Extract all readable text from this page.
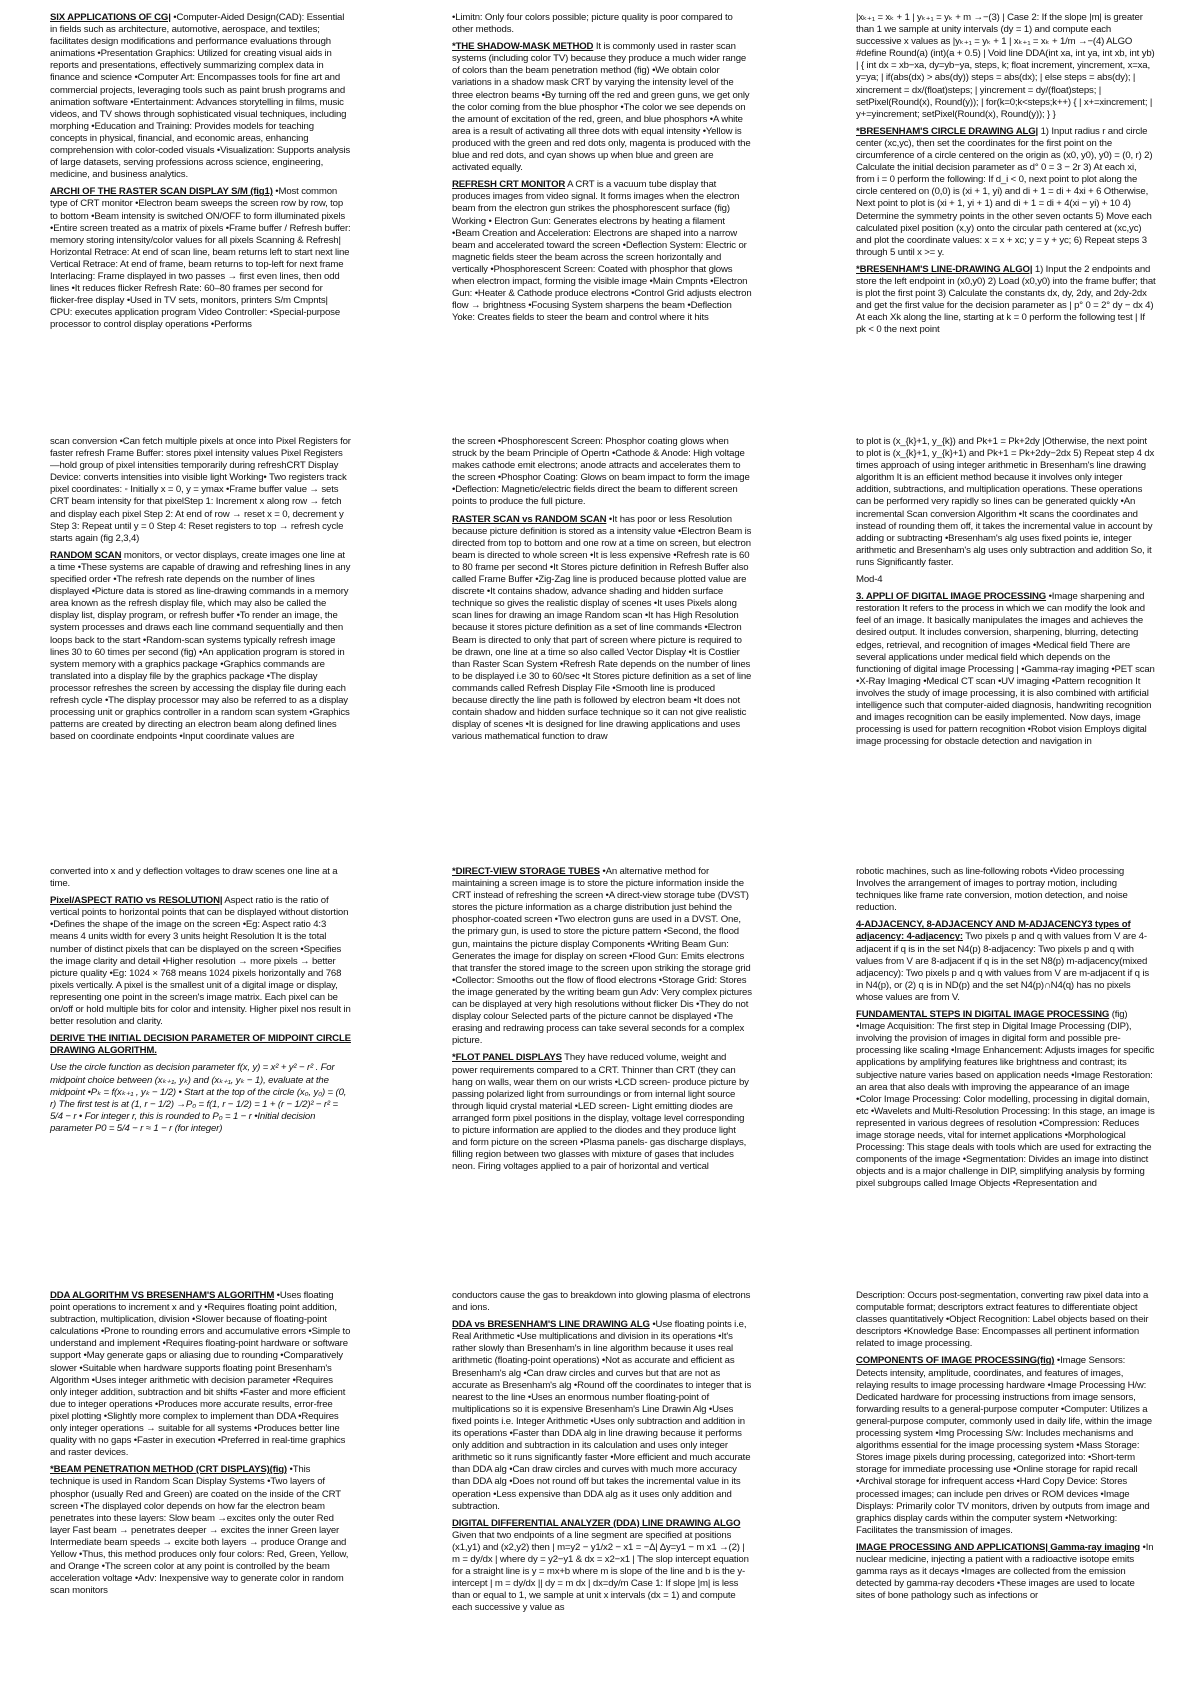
SIX APPLICATIONS OF CG| •Computer-Aided Design(CAD): Essential in fields such as architecture, automotive, aerospace, and textiles; facilitates design modifications and performance evaluations through animations •Presentation Graphics: Utilized for creating visual aids in reports and presentations, effectively summarizing complex data in finance and science •Computer Art: Encompasses tools for fine art and commercial projects, leveraging tools such as paint brush programs and animation software •Entertainment: Advances storytelling in films, music videos, and TV shows through sophisticated visual techniques, including morphing •Education and Training: Provides models for teaching concepts in physical, financial, and economic areas, enhancing comprehension with color-coded visuals •Visualization: Supports analysis of large datasets, serving professions across science, engineering, medicine, and business analytics.

ARCHI OF THE RASTER SCAN DISPLAY S/M (fig1) •Most common type of CRT monitor •Electron beam sweeps the screen row by row, top to bottom •Beam intensity is switched ON/OFF to form illuminated pixels •Entire screen treated as a matrix of pixels •Frame buffer / Refresh buffer: memory storing intensity/color values for all pixels Scanning & Refresh| Horizontal Retrace: At end of scan line, beam returns left to start next line Vertical Retrace: At end of frame, beam returns to top-left for next frame Interlacing: Frame displayed in two passes → first even lines, then odd lines •It reduces flicker Refresh Rate: 60–80 frames per second for flicker-free display •Used in TV sets, monitors, printers S/m Cmpnts| CPU: executes application program Video Controller: •Special-purpose processor to control display operations •Performs

scan conversion •Can fetch multiple pixels at once into Pixel Registers for faster refresh Frame Buffer: stores pixel intensity values Pixel Registers—hold group of pixel intensities temporarily during refreshCRT Display Device: converts intensities into visible light Working• Two registers track pixel coordinates: ◦ Initially x = 0, y = ymax •Frame buffer value → sets CRT beam intensity for that pixelStep 1: Increment x along row → fetch and display each pixel Step 2: At end of row → reset x = 0, decrement y Step 3: Repeat until y = 0 Step 4: Reset registers to top → refresh cycle starts again (fig 2,3,4)

RANDOM SCAN monitors, or vector displays, create images one line at a time •These systems are capable of drawing and refreshing lines in any specified order •The refresh rate depends on the number of lines displayed •Picture data is stored as line-drawing commands in a memory area known as the refresh display file, which may also be called the display list, display program, or refresh buffer •To render an image, the system processes and draws each line command sequentially and then loops back to the start •Random-scan systems typically refresh image lines 30 to 60 times per second (fig) •An application program is stored in system memory with a graphics package •Graphics commands are translated into a display file by the graphics package •The display processor refreshes the screen by accessing the display file during each refresh cycle •The display processor may also be referred to as a display processing unit or graphics controller in a random scan system •Graphics patterns are created by directing an electron beam along defined lines based on coordinate endpoints •Input coordinate values are

converted into x and y deflection voltages to draw scenes one line at a time.

Pixel/ASPECT RATIO vs RESOLUTION| Aspect ratio is the ratio of vertical points to horizontal points that can be displayed without distortion •Defines the shape of the image on the screen •Eg: Aspect ratio 4:3 means 4 units width for every 3 units height Resolution It is the total number of distinct pixels that can be displayed on the screen •Specifies the image clarity and detail •Higher resolution → more pixels → better picture quality •Eg: 1024 × 768 means 1024 pixels horizontally and 768 pixels vertically. A pixel is the smallest unit of a digital image or display, representing one point in the screen's image matrix. Each pixel can be on/off or hold multiple bits for color and intensity. Higher pixel nos result in better resolution and clarity.

DERIVE THE INITIAL DECISION PARAMETER OF MIDPOINT CIRCLE DRAWING ALGORITHM.

Use the circle function as decision parameter f(x, y) = x² + y² − r² . For midpoint choice between (xₖ₊₁, yₖ) and (xₖ₊₁, yₖ − 1), evaluate at the midpoint •Pₖ = f(xₖ₊₁ , yₖ − 1/2) • Start at the top of the circle (x₀, y₀) = (0, r) The first test is at (1, r − 1/2) →P₀ = f(1, r − 1/2) = 1 + (r − 1/2)² − r² = 5/4 − r • For integer r, this is rounded to P₀ = 1 − r •Initial decision parameter P0 = 5/4 − r ≈ 1 − r (for integer)

DDA ALGORITHM VS BRESENHAM'S ALGORITHM •Uses floating point operations to increment x and y •Requires floating point addition, subtraction, multiplication, division •Slower because of floating-point calculations •Prone to rounding errors and accumulative errors •Simple to understand and implement •Requires floating-point hardware or software support •May generate gaps or aliasing due to rounding •Comparatively slower •Suitable when hardware supports floating point Bresenham's Algorithm •Uses integer arithmetic with decision parameter •Requires only integer addition, subtraction and bit shifts •Faster and more efficient due to integer operations •Produces more accurate results, error-free pixel plotting •Slightly more complex to implement than DDA •Requires only integer operations → suitable for all systems •Produces better line quality with no gaps •Faster in execution •Preferred in real-time graphics and raster devices.

*BEAM PENETRATION METHOD (CRT DISPLAYS)(fig) •This technique is used in Random Scan Display Systems •Two layers of phosphor (usually Red and Green) are coated on the inside of the CRT screen •The displayed color depends on how far the electron beam penetrates into these layers: Slow beam →excites only the outer Red layer Fast beam → penetrates deeper → excites the inner Green layer Intermediate beam speeds → excite both layers → produce Orange and Yellow •Thus, this method produces only four colors: Red, Green, Yellow, and Orange •The screen color at any point is controlled by the beam acceleration voltage •Adv: Inexpensive way to generate color in random scan monitors

•Limitn: Only four colors possible; picture quality is poor compared to other methods.

*THE SHADOW-MASK METHOD It is commonly used in raster scan systems (including color TV) because they produce a much wider range of colors than the beam penetration method (fig) •We obtain color variations in a shadow mask CRT by varying the intensity level of the three electron beams •By turning off the red and green guns, we get only the color coming from the blue phosphor •The color we see depends on the amount of excitation of the red, green, and blue phosphors •A white area is a result of activating all three dots with equal intensity •Yellow is produced with the green and red dots only, magenta is produced with the blue and red dots, and cyan shows up when blue and green are activated equally.

REFRESH CRT MONITOR A CRT is a vacuum tube display that produces images from video signal. It forms images when the electron beam from the electron gun strikes the phosphorescent surface (fig) Working • Electron Gun: Generates electrons by heating a filament •Beam Creation and Acceleration: Electrons are shaped into a narrow beam and accelerated toward the screen •Deflection System: Electric or magnetic fields steer the beam across the screen horizontally and vertically •Phosphorescent Screen: Coated with phosphor that glows when electron impact, forming the visible image •Main Cmpnts •Electron Gun: •Heater & Cathode produce electrons •Control Grid adjusts electron flow → brightness •Focusing System sharpens the beam •Deflection Yoke: Creates fields to steer the beam and control where it hits

the screen •Phosphorescent Screen: Phosphor coating glows when struck by the beam Principle of Opertn •Cathode & Anode: High voltage makes cathode emit electrons; anode attracts and accelerates them to the screen •Phosphor Coating: Glows on beam impact to form the image •Deflection: Magnetic/electric fields direct the beam to different screen points to produce the full picture.

RASTER SCAN vs RANDOM SCAN •It has poor or less Resolution because picture definition is stored as a intensity value •Electron Beam is directed from top to bottom and one row at a time on screen, but electron beam is directed to whole screen •It is less expensive •Refresh rate is 60 to 80 frame per second •It Stores picture definition in Refresh Buffer also called Frame Buffer •Zig-Zag line is produced because plotted value are discrete •It contains shadow, advance shading and hidden surface technique so gives the realistic display of scenes •It uses Pixels along scan lines for drawing an image Random scan •It has High Resolution because it stores picture definition as a set of line commands •Electron Beam is directed to only that part of screen where picture is required to be drawn, one line at a time so also called Vector Display •It is Costlier than Raster Scan System •Refresh Rate depends on the number of lines to be displayed i.e 30 to 60/sec •It Stores picture definition as a set of line commands called Refresh Display File •Smooth line is produced because directly the line path is followed by electron beam •It does not contain shadow and hidden surface technique so it can not give realistic display of scenes •It is designed for line drawing applications and uses various mathematical function to draw

*DIRECT-VIEW STORAGE TUBES •An alternative method for maintaining a screen image is to store the picture information inside the CRT instead of refreshing the screen •A direct-view storage tube (DVST) stores the picture information as a charge distribution just behind the phosphor-coated screen •Two electron guns are used in a DVST. One, the primary gun, is used to store the picture pattern •Second, the flood gun, maintains the picture display Components •Writing Beam Gun: Generates the image for display on screen •Flood Gun: Emits electrons that transfer the stored image to the screen upon striking the storage grid •Collector: Smooths out the flow of flood electrons •Storage Grid: Stores the image generated by the writing beam gun Adv: Very complex pictures can be displayed at very high resolutions without flicker Dis •They do not display colour Selected parts of the picture cannot be displayed •The erasing and redrawing process can take several seconds for a complex picture.

*FLOT PANEL DISPLAYS They have reduced volume, weight and power requirements compared to a CRT. Thinner than CRT (they can hang on walls, wear them on our wrists •LCD screen- produce picture by passing polarized light from surroundings or from internal light source through liquid crystal material •LED screen- Light emitting diodes are arranged form pixel positions in the display, voltage level corresponding to picture information are applied to the diodes and they produce light and form picture on the screen •Plasma panels- gas discharge displays, filling region between two glasses with mixture of gases that includes neon. Firing voltages applied to a pair of horizontal and vertical

conductors cause the gas to breakdown into glowing plasma of electrons and ions.

DDA vs BRESENHAM'S LINE DRAWING ALG •Use floating points i.e, Real Arithmetic •Use multiplications and division in its operations •It's rather slowly than Bresenham's in line algorithm because it uses real arithmetic (floating-point operations) •Not as accurate and efficient as Bresenham's alg •Can draw circles and curves but that are not as accurate as Bresenham's alg •Round off the coordinates to integer that is nearest to the line •Uses an enormous number floating-point of multiplications so it is expensive Bresenham's Line Drawin Alg •Uses fixed points i.e. Integer Arithmetic •Uses only subtraction and addition in its operations •Faster than DDA alg in line drawing because it performs only addition and subtraction in its calculation and uses only integer arithmetic so it runs significantly faster •More efficient and much accurate than DDA alg •Can draw circles and curves with much more accuracy than DDA alg •Does not round off but takes the incremental value in its operation •Less expensive than DDA alg as it uses only addition and subtraction.

DIGITAL DIFFERENTIAL ANALYZER (DDA) LINE DRAWING ALGO Given that two endpoints of a line segment are specified at positions (x1,y1) and (x2,y2) then | m=y2 − y1/x2 − x1 = −Δ| Δy=y1 − m x1 →(2) | m = dy/dx | where dy = y2−y1 & dx = x2−x1 | The slop intercept equation for a straight line is y = mx+b where m is slope of the line and b is the y-intercept | m = dy/dx || dy = m dx | dx=dy/m Case 1: If slope |m| is less than or equal to 1, we sample at unit x intervals (dx = 1) and compute each successive y value as

|xₖ₊₁ = xₖ + 1 | yₖ₊₁ = yₖ + m →−(3) | Case 2: If the slope |m| is greater than 1 we sample at unity intervals (dy = 1) and compute each successive x values as |yₖ₊₁ = yₖ + 1 | xₖ₊₁ = xₖ + 1/m →−(4) ALGO #define Round(a) (int)(a + 0.5) | Void line DDA(int xa, int ya, int xb, int yb) | { int dx = xb−xa, dy=yb−ya, steps, k; float increment, yincrement, x=xa, y=ya; | if(abs(dx) > abs(dy)) steps = abs(dx); | else steps = abs(dy); | xincrement = dx/(float)steps; | yincrement = dy/(float)steps; | setPixel(Round(x), Round(y)); | for(k=0;k<steps;k++) { | x+=xincrement; | y+=yincrement; setPixel(Round(x), Round(y)); } }

*BRESENHAM'S CIRCLE DRAWING ALG| 1) Input radius r and circle center (xc,yc), then set the coordinates for the first point on the circumference of a circle centered on the origin as (x0, y0), y0) = (0, r) 2) Calculate the initial decision parameter as d° 0 = 3 − 2r 3) At each xi, from i = 0 perform the following: If d_i < 0, next point to plot along the circle centered on (0,0) is (xi + 1, yi) and di + 1 = di + 4xi + 6 Otherwise, Next point to plot is (xi + 1, yi + 1) and di + 1 = di + 4(xi − yi) + 10 4) Determine the symmetry points in the other seven octants 5) Move each calculated pixel position (x,y) onto the circular path centered at (xc,yc) and plot the coordinate values: x = x + xc; y = y + yc; 6) Repeat steps 3 through 5 until x >= y.

*BRESENHAM'S LINE-DRAWING ALGO| 1) Input the 2 endpoints and store the left endpoint in (x0,y0) 2) Load (x0,y0) into the frame buffer; that is plot the first point 3) Calculate the constants dx, dy, 2dy, and 2dy-2dx and get the first value for the decision parameter as | p° 0 = 2° dy − dx 4) At each Xk along the line, starting at k = 0 perform the following test | If pk < 0 the next point

to plot is (x_{k}+1, y_{k}) and Pk+1 = Pk+2dy |Otherwise, the next point to plot is (x_{k}+1, y_{k}+1) and Pk+1 = Pk+2dy−2dx 5) Repeat step 4 dx times approach of using integer arithmetic in Bresenham's line drawing algorithm It is an efficient method because it involves only integer addition, subtractions, and multiplication operations. These operations can be performed very rapidly so lines can be generated quickly •An incremental Scan conversion Algorithm •It scans the coordinates and instead of rounding them off, it takes the incremental value in account by adding or subtracting •Bresenham's alg uses fixed points ie, integer arithmetic and Bresenham's alg uses only subtraction and addition So, it runs Significantly faster.

Mod-4

3. APPLI OF DIGITAL IMAGE PROCESSING •Image sharpening and restoration It refers to the process in which we can modify the look and feel of an image. It basically manipulates the images and achieves the desired output. It includes conversion, sharpening, blurring, detecting edges, retrieval, and recognition of images •Medical field There are several applications under medical field which depends on the functioning of digital image Processing | •Gamma-ray imaging •PET scan •X-Ray Imaging •Medical CT scan •UV imaging •Pattern recognition It involves the study of image processing, it is also combined with artificial intelligence such that computer-aided diagnosis, handwriting recognition and images recognition can be easily implemented. Now days, image processing is used for pattern recognition •Robot vision Employs digital image processing for obstacle detection and navigation in

robotic machines, such as line-following robots •Video processing Involves the arrangement of images to portray motion, including techniques like frame rate conversion, motion detection, and noise reduction.

4-ADJACENCY, 8-ADJACENCY AND M-ADJACENCY3 types of adjacency: 4-adjacency: Two pixels p and q with values from V are 4-adjacent if q is in the set N4(p) 8-adjacency: Two pixels p and q with values from V are 8-adjacent if q is in the set N8(p) m-adjacency(mixed adjacency): Two pixels p and q with values from V are m-adjacent if q is in N4(p), or (2) q is in ND(p) and the set N4(p)∩N4(q) has no pixels whose values are from V.

FUNDAMENTAL STEPS IN DIGITAL IMAGE PROCESSING (fig) •Image Acquisition: The first step in Digital Image Processing (DIP), involving the provision of images in digital form and possible pre-processing like scaling •Image Enhancement: Adjusts images for specific applications by amplifying features like brightness and contrast; its subjective nature varies based on application needs •Image Restoration: an area that also deals with improving the appearance of an image •Color Image Processing: Color modelling, processing in digital domain, etc •Wavelets and Multi-Resolution Processing: In this stage, an image is represented in various degrees of resolution •Compression: Reduces image storage needs, vital for internet applications •Morphological Processing: This stage deals with tools which are used for extracting the components of the image •Segmentation: Divides an image into distinct objects and is a major challenge in DIP, simplifying analysis by forming pixel subgroups called Image Objects •Representation and

Description: Occurs post-segmentation, converting raw pixel data into a computable format; descriptors extract features to differentiate object classes quantitatively •Object Recognition: Label objects based on their descriptors •Knowledge Base: Encompasses all pertinent information related to image processing.

COMPONENTS OF IMAGE PROCESSING(fig) •Image Sensors: Detects intensity, amplitude, coordinates, and features of images, relaying results to image processing hardware •Image Processing H/w: Dedicated hardware for processing instructions from image sensors, forwarding results to a general-purpose computer •Computer: Utilizes a general-purpose computer, commonly used in daily life, within the image processing system •Img Processing S/w: Includes mechanisms and algorithms essential for the image processing system •Mass Storage: Stores image pixels during processing, categorized into: •Short-term storage for immediate processing use •Online storage for rapid recall •Archival storage for infrequent access •Hard Copy Device: Stores processed images; can include pen drives or ROM devices •Image Displays: Primarily color TV monitors, driven by outputs from image and graphics display cards within the computer system •Networking: Facilitates the transmission of images.

IMAGE PROCESSING AND APPLICATIONS| Gamma-ray imaging •In nuclear medicine, injecting a patient with a radioactive isotope emits gamma rays as it decays •Images are collected from the emission detected by gamma-ray decoders •These images are used to locate sites of bone pathology such as infections or
